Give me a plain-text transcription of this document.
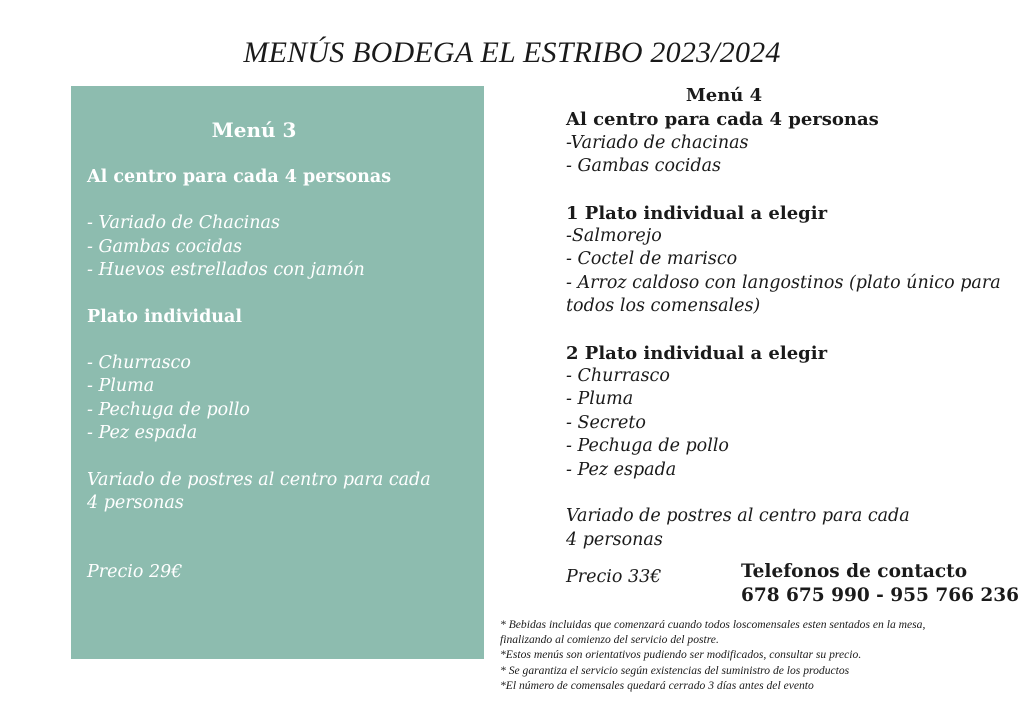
MENÚS BODEGA EL ESTRIBO 2023/2024
Menú 3
Al centro para cada 4 personas
- Variado de Chacinas
- Gambas cocidas
- Huevos estrellados con jamón
Plato individual
- Churrasco
- Pluma
- Pechuga de pollo
- Pez espada
Variado de postres al centro para cada
4 personas
Precio 29€
Menú 4
Al centro para cada 4 personas
-Variado de chacinas
- Gambas cocidas
1 Plato individual a elegir
-Salmorejo
- Coctel de marisco
- Arroz caldoso con langostinos (plato único para
todos los comensales)
2 Plato individual a elegir
- Churrasco
- Pluma
- Secreto
- Pechuga de pollo
- Pez espada
Variado de postres al centro para cada
4 personas
Precio 33€	Telefonos de contacto
678 675 990 - 955 766 236
* Bebidas incluidas que comenzará cuando todos loscomensales esten sentados en la mesa,
finalizando al comienzo del servicio del postre.
*Estos menús son orientativos pudiendo ser modificados, consultar su precio.
* Se garantiza el servicio según existencias del suministro de los productos
*El número de comensales quedará cerrado 3 días antes del evento
